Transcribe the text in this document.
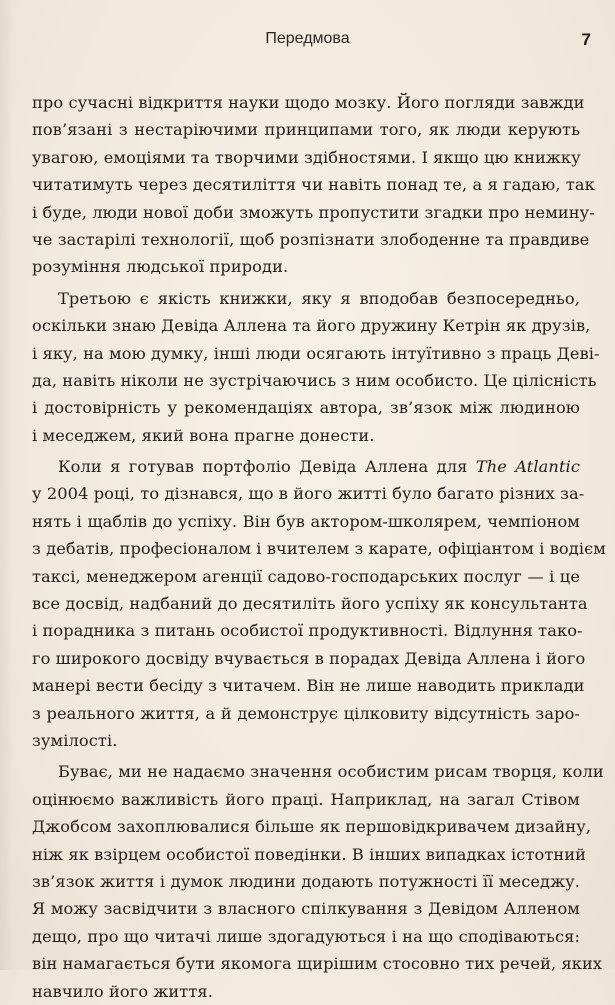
Передмова	7
про сучасні відкриття науки щодо мозку. Його погляди завжди
пов’язані з нестаріючими принципами того, як люди керують
увагою, емоціями та творчими здібностями. І якщо цю книжку
читатимуть через десятиліття чи навіть понад те, а я гадаю, так
і буде, люди нової доби зможуть пропустити згадки про немину-
че застарілі технології, щоб розпізнати злободенне та правдиве
розуміння людської природи.
Третьою є якість книжки, яку я вподобав безпосередньо,
оскільки знаю Девіда Аллена та його дружину Кетрін як друзів,
і яку, на мою думку, інші люди осягають інтуїтивно з праць Деві-
да, навіть ніколи не зустрічаючись з ним особисто. Це цілісність
і достовірність у рекомендаціях автора, зв’язок між людиною
і меседжем, який вона прагне донести.
Коли я готував портфоліо Девіда Аллена для The Atlantic
у 2004 році, то дізнався, що в його житті було багато різних за-
нять і щаблів до успіху. Він був актором-школярем, чемпіоном
з дебатів, професіоналом і вчителем з карате, офіціантом і водієм
таксі, менеджером агенції садово-господарських послуг — і це
все досвід, надбаний до десятиліть його успіху як консультанта
і порадника з питань особистої продуктивності. Відлуння тако-
го широкого досвіду вчувається в порадах Девіда Аллена і його
манері вести бесіду з читачем. Він не лише наводить приклади
з реального життя, а й демонструє цілковиту відсутність заро-
зумілості.
Буває, ми не надаємо значення особистим рисам творця, коли
оцінюємо важливість його праці. Наприклад, на загал Стівом
Джобсом захоплювалися більше як першовідкривачем дизайну,
ніж як взірцем особистої поведінки. В інших випадках істотний
зв’язок життя і думок людини додають потужності її меседжу.
Я можу засвідчити з власного спілкування з Девідом Алленом
дещо, про що читачі лише здогадуються і на що сподіваються:
він намагається бути якомога щирішим стосовно тих речей, яких
навчило його життя.
